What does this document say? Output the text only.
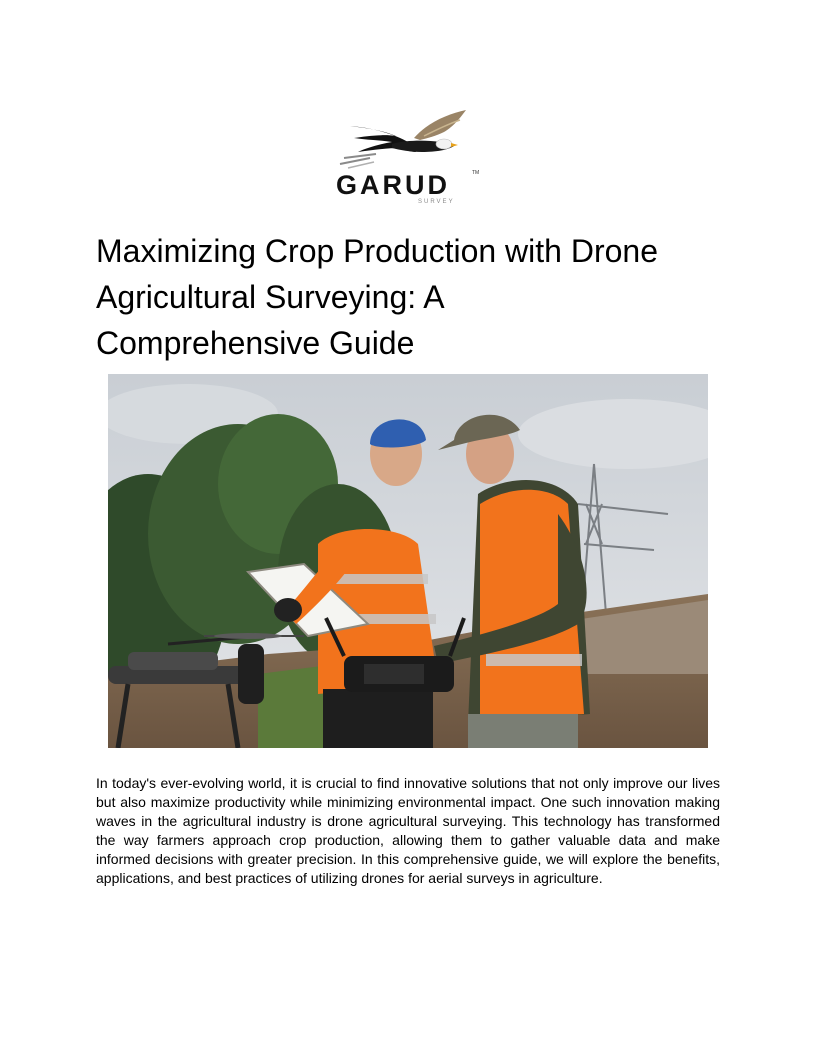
GARUD	TM
SURVEY
Maximizing Crop Production with Drone
Agricultural Surveying: A
Comprehensive Guide

In today's ever-evolving world, it is crucial to find innovative solutions that not only improve our lives but also maximize productivity while minimizing environmental impact. One such innovation making waves in the agricultural industry is drone agricultural surveying. This technology has transformed the way farmers approach crop production, allowing them to gather valuable data and make informed decisions with greater precision. In this comprehensive guide, we will explore the benefits, applications, and best practices of utilizing drones for aerial surveys in agriculture.
